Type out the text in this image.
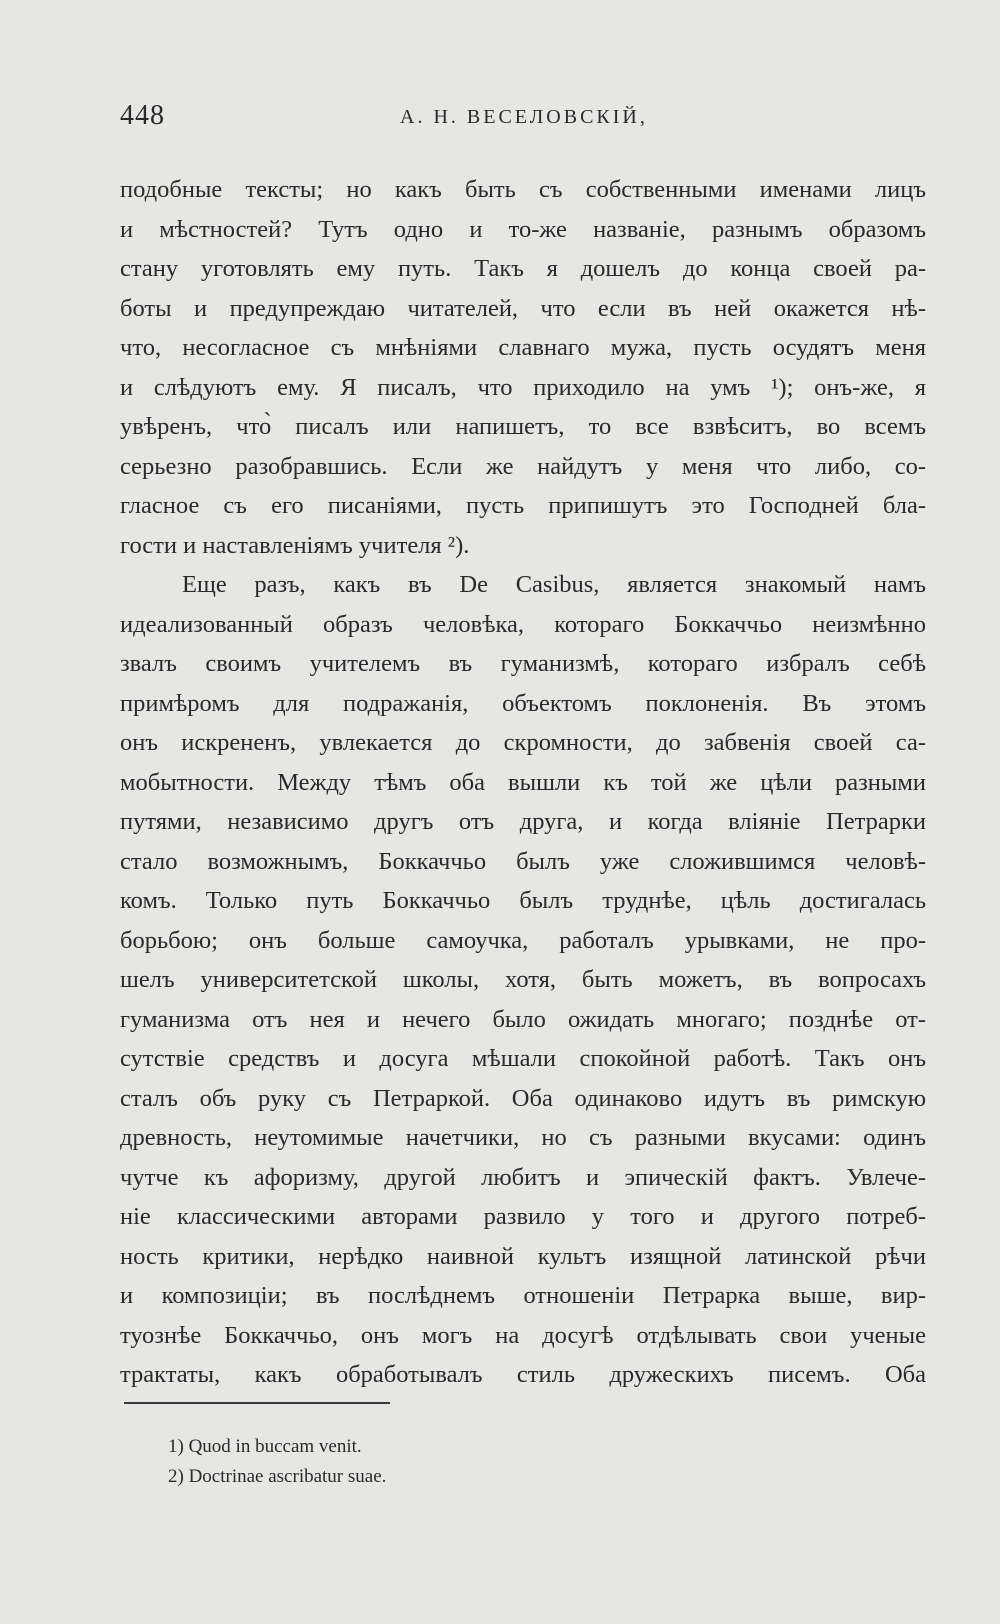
448	А. Н. ВЕСЕЛОВСКІЙ,
подобные тексты; но какъ быть съ собственными именами лицъ
и мѣстностей? Тутъ одно и то-же названіе, разнымъ образомъ
стану уготовлять ему путь. Такъ я дошелъ до конца своей ра-
боты и предупреждаю читателей, что если въ ней окажется нѣ-
что, несогласное съ мнѣніями славнаго мужа, пусть осудятъ меня
и слѣдуютъ ему. Я писалъ, что приходило на умъ ¹); онъ-же, я
увѣренъ, что̀ писалъ или напишетъ, то все взвѣситъ, во всемъ
серьезно разобравшись. Если же найдутъ у меня что либо, со-
гласное съ его писаніями, пусть припишутъ это Господней бла-
гости и наставленіямъ учителя ²).
Еще разъ, какъ въ De Casibus, является знакомый намъ
идеализованный образъ человѣка, котораго Боккаччьо неизмѣнно
звалъ своимъ учителемъ въ гуманизмѣ, котораго избралъ себѣ
примѣромъ для подражанія, объектомъ поклоненія. Въ этомъ
онъ искрененъ, увлекается до скромности, до забвенія своей са-
мобытности. Между тѣмъ оба вышли къ той же цѣли разными
путями, независимо другъ отъ друга, и когда вліяніе Петрарки
стало возможнымъ, Боккаччьо былъ уже сложившимся человѣ-
комъ. Только путь Боккаччьо былъ труднѣе, цѣль достигалась
борьбою; онъ больше самоучка, работалъ урывками, не про-
шелъ университетской школы, хотя, быть можетъ, въ вопросахъ
гуманизма отъ нея и нечего было ожидать многаго; позднѣе от-
сутствіе средствъ и досуга мѣшали спокойной работѣ. Такъ онъ
сталъ объ руку съ Петраркой. Оба одинаково идутъ въ римскую
древность, неутомимые начетчики, но съ разными вкусами: одинъ
чутче къ афоризму, другой любитъ и эпическій фактъ. Увлече-
ніе классическими авторами развило у того и другого потреб-
ность критики, нерѣдко наивной культъ изящной латинской рѣчи
и композиціи; въ послѣднемъ отношеніи Петрарка выше, вир-
туознѣе Боккаччьо, онъ могъ на досугѣ отдѣлывать свои ученые
трактаты, какъ обработывалъ стиль дружескихъ писемъ. Оба
1) Quod in buccam venit.
2) Doctrinae ascribatur suae.
